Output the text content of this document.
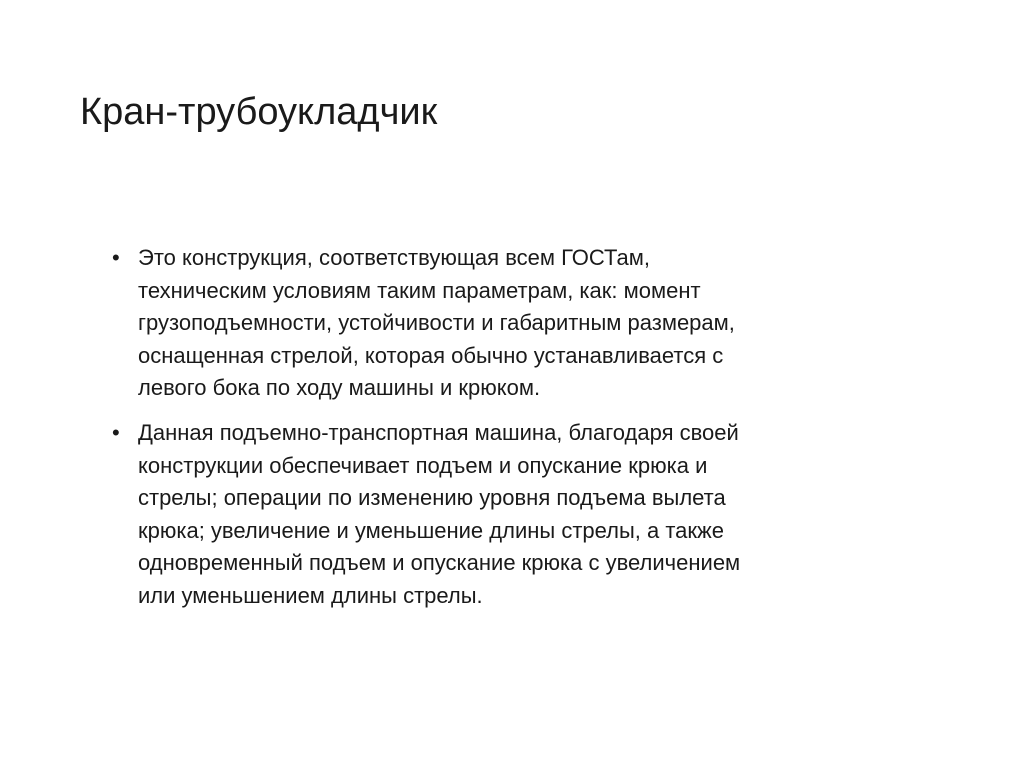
Кран-трубоукладчик
• Это конструкция, соответствующая всем ГОСТам,
техническим условиям таким параметрам, как: момент
грузоподъемности, устойчивости и габаритным размерам,
оснащенная стрелой, которая обычно устанавливается с
левого бока по ходу машины и крюком.
• Данная подъемно-транспортная машина, благодаря своей
конструкции обеспечивает подъем и опускание крюка и
стрелы; операции по изменению уровня подъема вылета
крюка; увеличение и уменьшение длины стрелы, а также
одновременный подъем и опускание крюка с увеличением
или уменьшением длины стрелы.
